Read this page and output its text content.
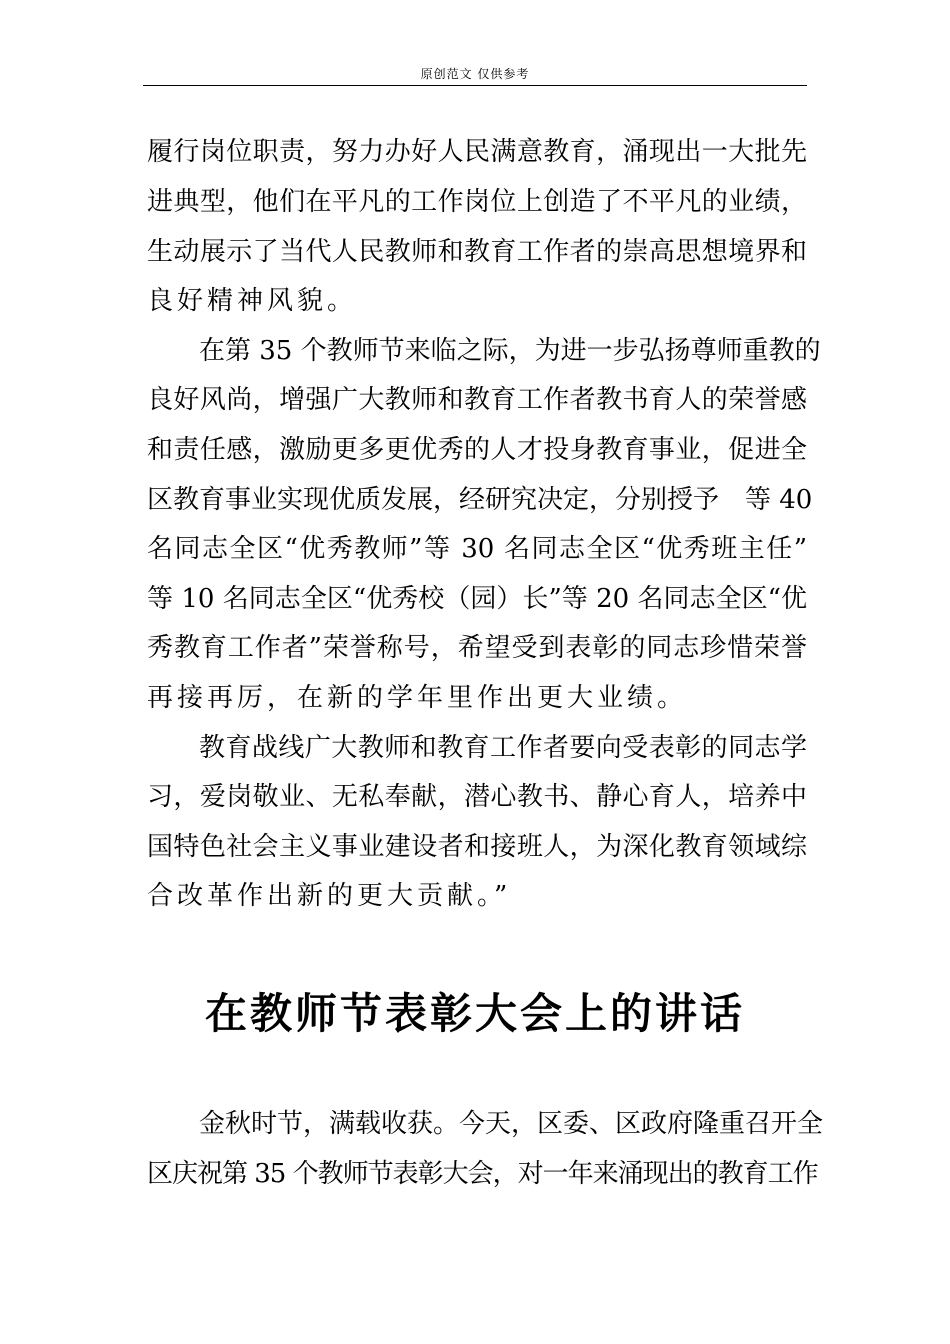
原创范文 仅供参考
履行岗位职责，努力办好人民满意教育，涌现出一大批先
进典型，他们在平凡的工作岗位上创造了不平凡的业绩，
生动展示了当代人民教师和教育工作者的崇高思想境界和
良好精神风貌。
在第 35 个教师节来临之际，为进一步弘扬尊师重教的
良好风尚，增强广大教师和教育工作者教书育人的荣誉感
和责任感，激励更多更优秀的人才投身教育事业，促进全
区教育事业实现优质发展，经研究决定，分别授予　等 40
名同志全区“优秀教师”等 30 名同志全区“优秀班主任”
等 10 名同志全区“优秀校（园）长”等 20 名同志全区“优
秀教育工作者”荣誉称号，希望受到表彰的同志珍惜荣誉
再接再厉，在新的学年里作出更大业绩。
教育战线广大教师和教育工作者要向受表彰的同志学
习，爱岗敬业、无私奉献，潜心教书、静心育人，培养中
国特色社会主义事业建设者和接班人，为深化教育领域综
合改革作出新的更大贡献。”
在教师节表彰大会上的讲话
金秋时节，满载收获。今天，区委、区政府隆重召开全
区庆祝第 35 个教师节表彰大会，对一年来涌现出的教育工作
